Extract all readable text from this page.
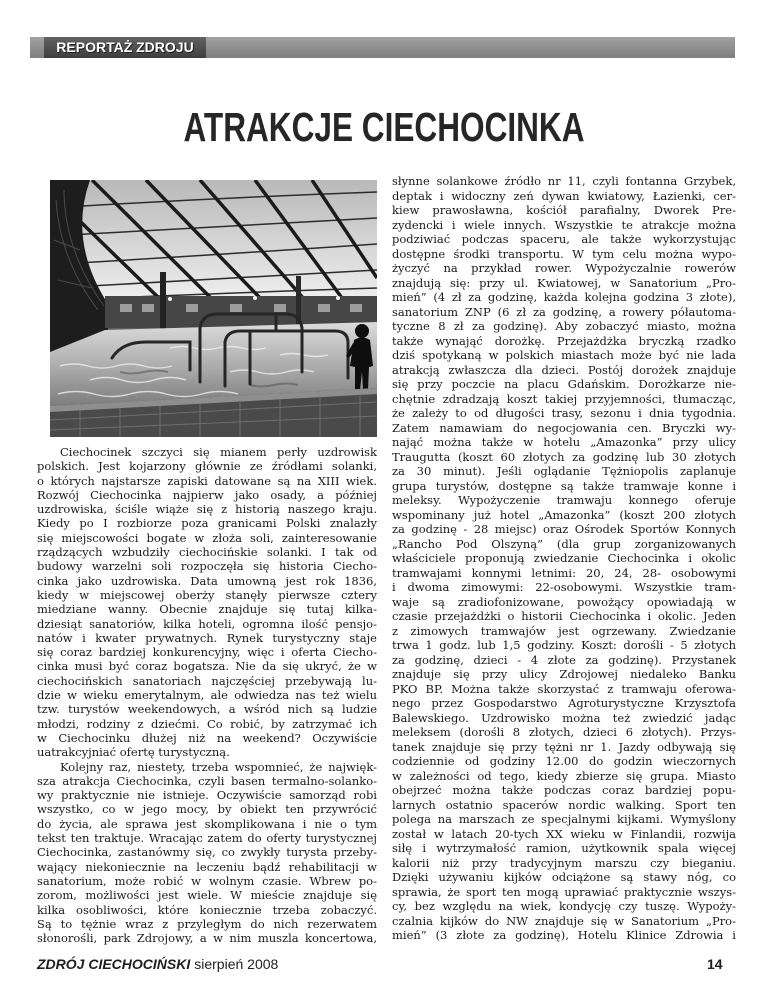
REPORTAŻ ZDROJU
ATRAKCJE CIECHOCINKA
Ciechocinek szczyci się mianem perły uzdrowisk
polskich. Jest kojarzony głównie ze źródłami solanki,
o których najstarsze zapiski datowane są na XIII wiek.
Rozwój Ciechocinka najpierw jako osady, a później
uzdrowiska, ściśle wiąże się z historią naszego kraju.
Kiedy po I rozbiorze poza granicami Polski znalazły
się miejscowości bogate w złoża soli, zainteresowanie
rządzących wzbudziły ciechocińskie solanki. I tak od
budowy warzelni soli rozpoczęła się historia Ciecho-
cinka jako uzdrowiska. Data umowną jest rok 1836,
kiedy w miejscowej oberży stanęły pierwsze cztery
miedziane wanny. Obecnie znajduje się tutaj kilka-
dziesiąt sanatoriów, kilka hoteli, ogromna ilość pensjo-
natów i kwater prywatnych. Rynek turystyczny staje
się coraz bardziej konkurencyjny, więc i oferta Ciecho-
cinka musi być coraz bogatsza. Nie da się ukryć, że w
ciechocińskich sanatoriach najczęściej przebywają lu-
dzie w wieku emerytalnym, ale odwiedza nas też wielu
tzw. turystów weekendowych, a wśród nich są ludzie
młodzi, rodziny z dziećmi. Co robić, by zatrzymać ich
w Ciechocinku dłużej niż na weekend? Oczywiście
uatrakcyjniać ofertę turystyczną.
Kolejny raz, niestety, trzeba wspomnieć, że najwięk-
sza atrakcja Ciechocinka, czyli basen termalno-solanko-
wy praktycznie nie istnieje. Oczywiście samorząd robi
wszystko, co w jego mocy, by obiekt ten przywrócić
do życia, ale sprawa jest skomplikowana i nie o tym
tekst ten traktuje. Wracając zatem do oferty turystycznej
Ciechocinka, zastanówmy się, co zwykły turysta przeby-
wający niekoniecznie na leczeniu bądź rehabilitacji w
sanatorium, może robić w wolnym czasie. Wbrew po-
zorom, możliwości jest wiele. W mieście znajduje się
kilka osobliwości, które koniecznie trzeba zobaczyć.
Są to tężnie wraz z przyległym do nich rezerwatem
słonorośli, park Zdrojowy, a w nim muszla koncertowa,
słynne solankowe źródło nr 11, czyli fontanna Grzybek,
deptak i widoczny zeń dywan kwiatowy, Łazienki, cer-
kiew prawosławna, kościół parafialny, Dworek Pre-
zydencki i wiele innych. Wszystkie te atrakcje można
podziwiać podczas spaceru, ale także wykorzystując
dostępne środki transportu. W tym celu można wypo-
życzyć na przykład rower. Wypożyczalnie rowerów
znajdują się: przy ul. Kwiatowej, w Sanatorium „Pro-
mień” (4 zł za godzinę, każda kolejna godzina 3 złote),
sanatorium ZNP (6 zł za godzinę, a rowery półautoma-
tyczne 8 zł za godzinę). Aby zobaczyć miasto, można
także wynająć dorożkę. Przejażdżka bryczką rzadko
dziś spotykaną w polskich miastach może być nie lada
atrakcją zwłaszcza dla dzieci. Postój dorożek znajduje
się przy poczcie na placu Gdańskim. Dorożkarze nie-
chętnie zdradzają koszt takiej przyjemności, tłumacząc,
że zależy to od długości trasy, sezonu i dnia tygodnia.
Zatem namawiam do negocjowania cen. Bryczki wy-
nająć można także w hotelu „Amazonka” przy ulicy
Traugutta (koszt 60 złotych za godzinę lub 30 złotych
za 30 minut). Jeśli oglądanie Tężniopolis zaplanuje
grupa turystów, dostępne są także tramwaje konne i
meleksy. Wypożyczenie tramwaju konnego oferuje
wspominany już hotel „Amazonka” (koszt 200 złotych
za godzinę - 28 miejsc) oraz Ośrodek Sportów Konnych
„Rancho Pod Olszyną” (dla grup zorganizowanych
właściciele proponują zwiedzanie Ciechocinka i okolic
tramwajami konnymi letnimi: 20, 24, 28- osobowymi
i dwoma zimowymi: 22-osobowymi. Wszystkie tram-
waje są zradiofonizowane, powożący opowiadają w
czasie przejażdżki o historii Ciechocinka i okolic. Jeden
z zimowych tramwajów jest ogrzewany. Zwiedzanie
trwa 1 godz. lub 1,5 godziny. Koszt: dorośli - 5 złotych
za godzinę, dzieci - 4 złote za godzinę). Przystanek
znajduje się przy ulicy Zdrojowej niedaleko Banku
PKO BP. Można także skorzystać z tramwaju oferowa-
nego przez Gospodarstwo Agroturystyczne Krzysztofa
Balewskiego. Uzdrowisko można też zwiedzić jadąc
meleksem (dorośli 8 złotych, dzieci 6 złotych). Przys-
tanek znajduje się przy tężni nr 1. Jazdy odbywają się
codziennie od godziny 12.00 do godzin wieczornych
w zależności od tego, kiedy zbierze się grupa. Miasto
obejrzeć można także podczas coraz bardziej popu-
larnych ostatnio spacerów nordic walking. Sport ten
polega na marszach ze specjalnymi kijkami. Wymyślony
został w latach 20-tych XX wieku w Finlandii, rozwija
siłę i wytrzymałość ramion, użytkownik spala więcej
kalorii niż przy tradycyjnym marszu czy bieganiu.
Dzięki używaniu kijków odciążone są stawy nóg, co
sprawia, że sport ten mogą uprawiać praktycznie wszys-
cy, bez względu na wiek, kondycję czy tuszę. Wypoży-
czalnia kijków do NW znajduje się w Sanatorium „Pro-
mień” (3 złote za godzinę), Hotelu Klinice Zdrowia i
ZDRÓJ CIECHOCIŃSKI sierpień 2008	14
